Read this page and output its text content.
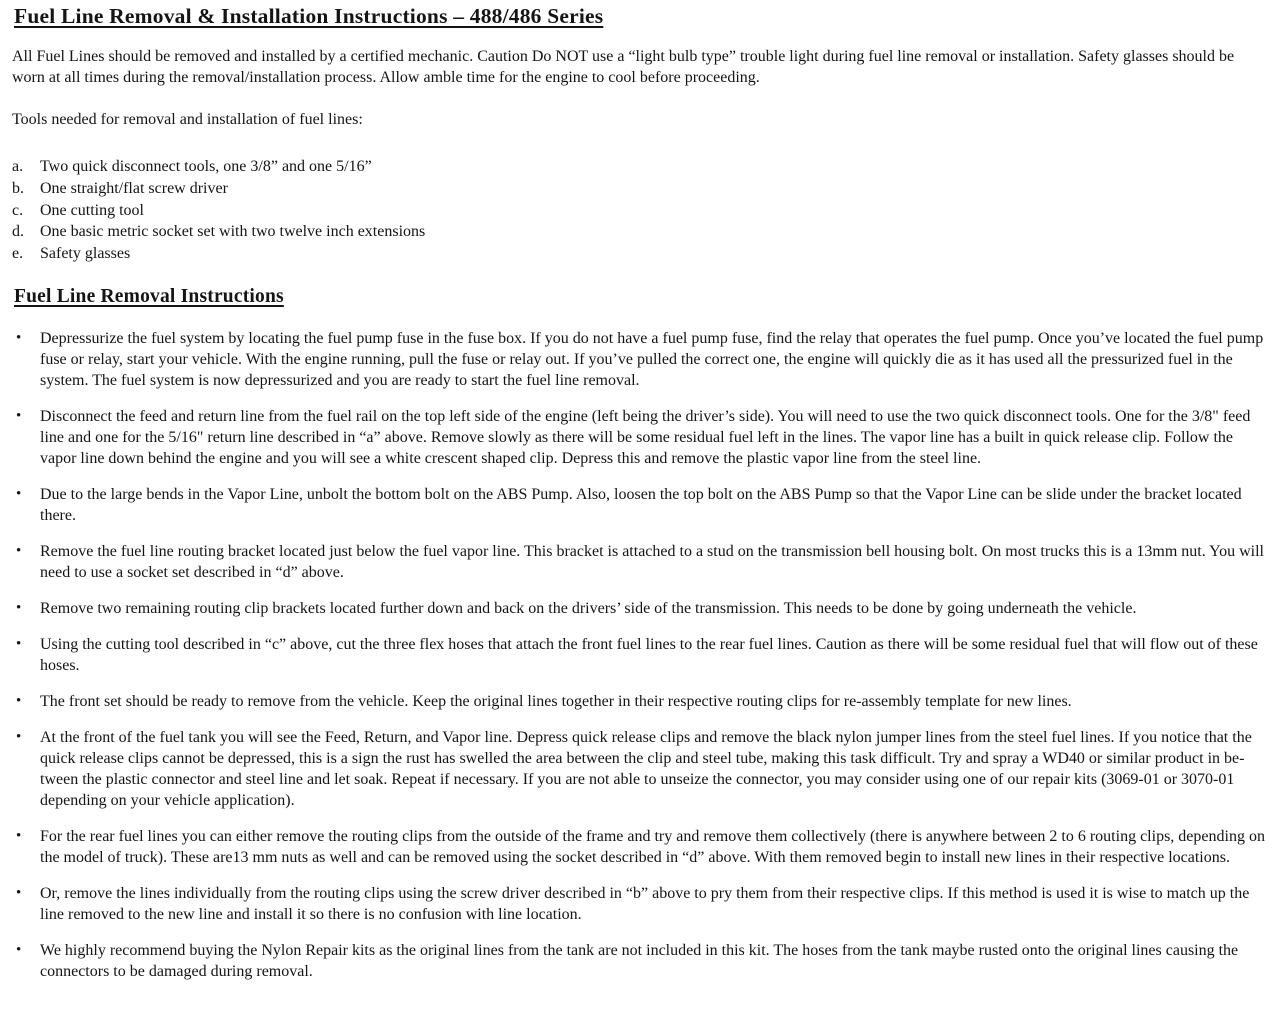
Fuel Line Removal & Installation Instructions – 488/486 Series

All Fuel Lines should be removed and installed by a certified mechanic. Caution Do NOT use a “light bulb type” trouble light during fuel line removal or installation. Safety glasses should be worn at all times during the removal/installation process. Allow amble time for the engine to cool before proceeding.

Tools needed for removal and installation of fuel lines:

a.	Two quick disconnect tools, one 3/8” and one 5/16”
b.	One straight/flat screw driver
c.	One cutting tool
d.	One basic metric socket set with two twelve inch extensions
e.	Safety glasses
Fuel Line Removal Instructions
• Depressurize the fuel system by locating the fuel pump fuse in the fuse box. If you do not have a fuel pump fuse, find the relay that operates the fuel pump. Once you’ve located the fuel pump fuse or relay, start your vehicle. With the engine running, pull the fuse or relay out. If you’ve pulled the correct one, the engine will quickly die as it has used all the pressurized fuel in the system. The fuel system is now depressurized and you are ready to start the fuel line removal.
• Disconnect the feed and return line from the fuel rail on the top left side of the engine (left being the driver’s side). You will need to use the two quick disconnect tools. One for the 3/8" feed line and one for the 5/16" return line described in “a” above. Remove slowly as there will be some residual fuel left in the lines. The vapor line has a built in quick release clip. Follow the vapor line down behind the engine and you will see a white crescent shaped clip. Depress this and remove the plastic vapor line from the steel line.
• Due to the large bends in the Vapor Line, unbolt the bottom bolt on the ABS Pump. Also, loosen the top bolt on the ABS Pump so that the Vapor Line can be slide under the bracket located there.
• Remove the fuel line routing bracket located just below the fuel vapor line. This bracket is attached to a stud on the transmission bell housing bolt. On most trucks this is a 13mm nut. You will need to use a socket set described in “d” above.
• Remove two remaining routing clip brackets located further down and back on the drivers’ side of the transmission. This needs to be done by going underneath the vehicle.
• Using the cutting tool described in “c” above, cut the three flex hoses that attach the front fuel lines to the rear fuel lines. Caution as there will be some residual fuel that will flow out of these hoses.
• The front set should be ready to remove from the vehicle. Keep the original lines together in their respective routing clips for re-assembly template for new lines.
• At the front of the fuel tank you will see the Feed, Return, and Vapor line. Depress quick release clips and remove the black nylon jumper lines from the steel fuel lines. If you notice that the quick release clips cannot be depressed, this is a sign the rust has swelled the area between the clip and steel tube, making this task difficult. Try and spray a WD40 or similar product in be-tween the plastic connector and steel line and let soak. Repeat if necessary. If you are not able to unseize the connector, you may consider using one of our repair kits (3069-01 or 3070-01 depending on your vehicle application).
• For the rear fuel lines you can either remove the routing clips from the outside of the frame and try and remove them collectively (there is anywhere between 2 to 6 routing clips, depending on the model of truck). These are13 mm nuts as well and can be removed using the socket described in “d” above. With them removed begin to install new lines in their respective locations.
• Or, remove the lines individually from the routing clips using the screw driver described in “b” above to pry them from their respective clips. If this method is used it is wise to match up the line removed to the new line and install it so there is no confusion with line location.
• We highly recommend buying the Nylon Repair kits as the original lines from the tank are not included in this kit. The hoses from the tank maybe rusted onto the original lines causing the connectors to be damaged during removal.
